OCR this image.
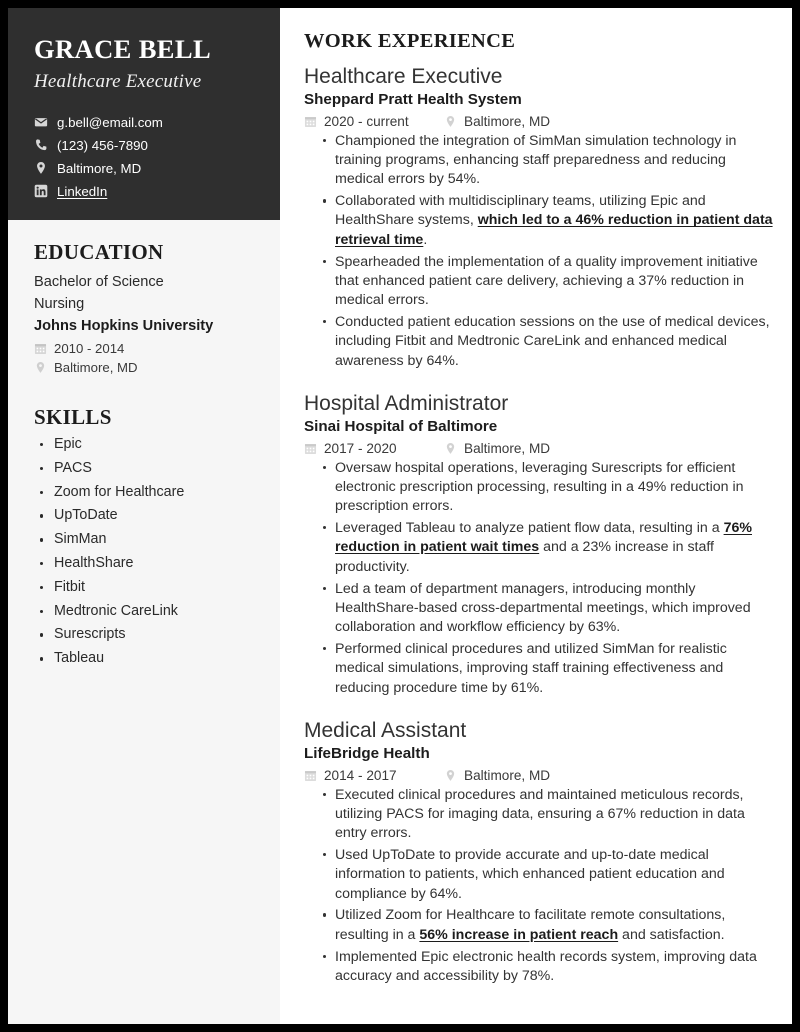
GRACE BELL
Healthcare Executive
g.bell@email.com
(123) 456-7890
Baltimore, MD
LinkedIn
EDUCATION
Bachelor of Science
Nursing
Johns Hopkins University
2010 - 2014
Baltimore, MD
SKILLS
Epic
PACS
Zoom for Healthcare
UpToDate
SimMan
HealthShare
Fitbit
Medtronic CareLink
Surescripts
Tableau
WORK EXPERIENCE
Healthcare Executive
Sheppard Pratt Health System
2020 - current	Baltimore, MD
Championed the integration of SimMan simulation technology in training programs, enhancing staff preparedness and reducing medical errors by 54%.
Collaborated with multidisciplinary teams, utilizing Epic and HealthShare systems, which led to a 46% reduction in patient data retrieval time.
Spearheaded the implementation of a quality improvement initiative that enhanced patient care delivery, achieving a 37% reduction in medical errors.
Conducted patient education sessions on the use of medical devices, including Fitbit and Medtronic CareLink and enhanced medical awareness by 64%.
Hospital Administrator
Sinai Hospital of Baltimore
2017 - 2020	Baltimore, MD
Oversaw hospital operations, leveraging Surescripts for efficient electronic prescription processing, resulting in a 49% reduction in prescription errors.
Leveraged Tableau to analyze patient flow data, resulting in a 76% reduction in patient wait times and a 23% increase in staff productivity.
Led a team of department managers, introducing monthly HealthShare-based cross-departmental meetings, which improved collaboration and workflow efficiency by 63%.
Performed clinical procedures and utilized SimMan for realistic medical simulations, improving staff training effectiveness and reducing procedure time by 61%.
Medical Assistant
LifeBridge Health
2014 - 2017	Baltimore, MD
Executed clinical procedures and maintained meticulous records, utilizing PACS for imaging data, ensuring a 67% reduction in data entry errors.
Used UpToDate to provide accurate and up-to-date medical information to patients, which enhanced patient education and compliance by 64%.
Utilized Zoom for Healthcare to facilitate remote consultations, resulting in a 56% increase in patient reach and satisfaction.
Implemented Epic electronic health records system, improving data accuracy and accessibility by 78%.
